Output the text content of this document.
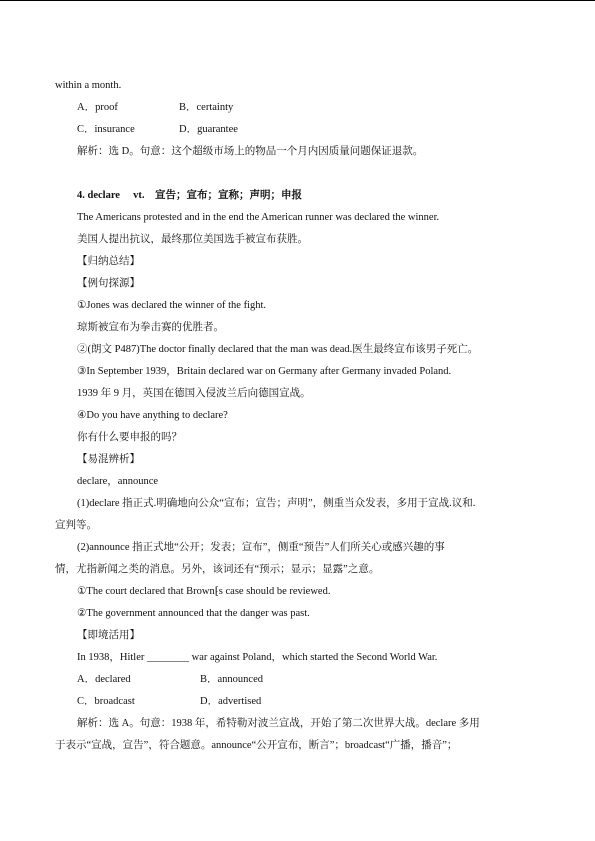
within a month.
A．proof	B．certainty
C．insurance	D．guarantee
解析：选 D。句意：这个超级市场上的物品一个月内因质量问题保证退款。
4. declare　 vt.　宣告；宣布；宣称；声明；申报
The Americans protested and in the end the American runner was declared the winner.
美国人提出抗议，最终那位美国选手被宣布获胜。
【归纳总结】
【例句探源】
①Jones was declared the winner of the fight.
琼斯被宣布为拳击赛的优胜者。
②(朗文 P487)The doctor finally declared that the man was dead.医生最终宣布该男子死亡。
③In September 1939，Britain declared war on Germany after Germany invaded Poland.
1939 年 9 月，英国在德国入侵波兰后向德国宣战。
④Do you have anything to declare?
你有什么要申报的吗？
【易混辨析】
declare，announce
(1)declare 指正式.明确地向公众“宣布；宣告；声明”，侧重当众发表，多用于宣战.议和.
宣判等。
(2)announce 指正式地“公开；发表；宣布”，侧重“预告”人们所关心或感兴趣的事
情，尤指新闻之类的消息。另外，该词还有“预示；显示；显露”之意。
①The court declared that Brown⁅s case should be reviewed.
②The government announced that the danger was past.
【即境活用】
In 1938，Hitler ________ war against Poland，which started the Second World War.
A．declared	B．announced
C．broadcast	D．advertised
解析：选 A。句意：1938 年，希特勒对波兰宣战，开始了第二次世界大战。declare 多用
于表示“宣战，宣告”，符合题意。announce“公开宣布，断言”；broadcast“广播，播音”；
